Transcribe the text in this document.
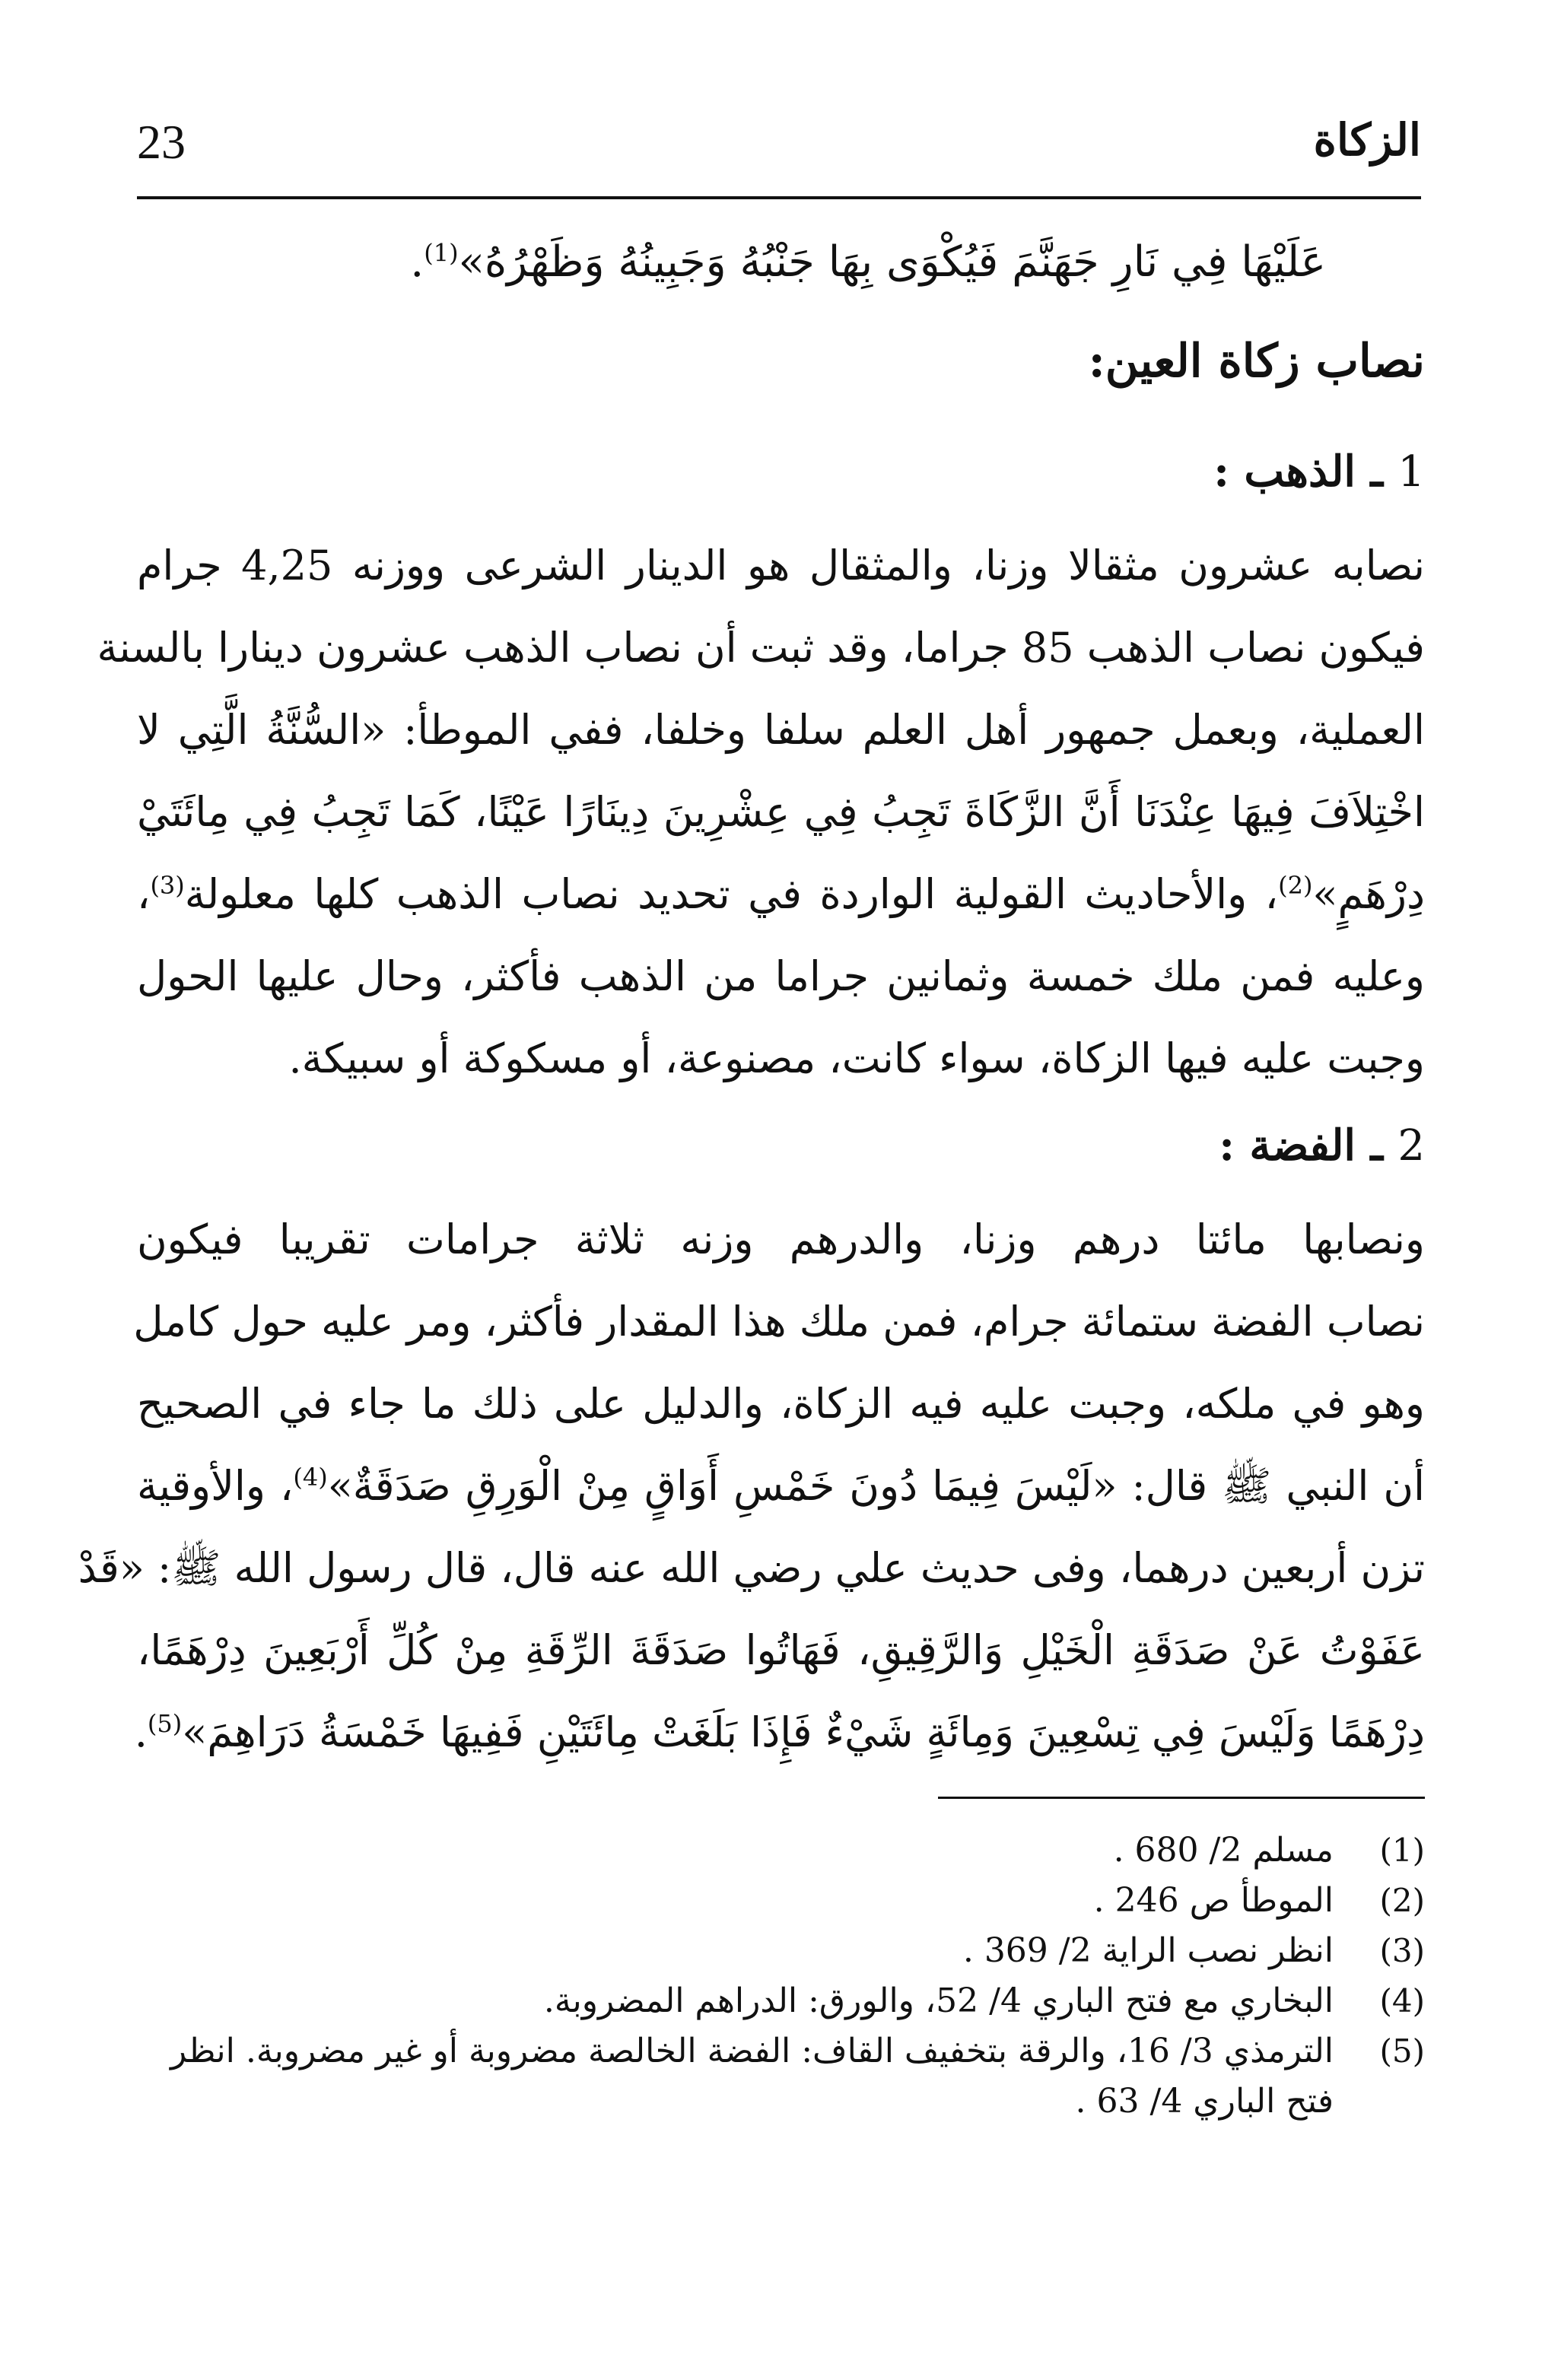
23	الزكاة
عَلَيْهَا فِي نَارِ جَهَنَّمَ فَيُكْوَى بِهَا جَنْبُهُ وَجَبِينُهُ وَظَهْرُهُ»$^{(1)}$.
نصاب زكاة العين:
1 ـ الذهب :
نصابه عشرون مثقالا وزنا، والمثقال هو الدينار الشرعى ووزنه 4,25 جرام
فيكون نصاب الذهب 85 جراما، وقد ثبت أن نصاب الذهب عشرون دينارا بالسنة
العملية، وبعمل جمهور أهل العلم سلفا وخلفا، ففي الموطأ: «السُّنَّةُ الَّتِي لا
اخْتِلاَفَ فِيهَا عِنْدَنَا أَنَّ الزَّكَاةَ تَجِبُ فِي عِشْرِينَ دِينَارًا عَيْنًا، كَمَا تَجِبُ فِي مِائَتَيْ
دِرْهَمٍ»$^{(2)}$، والأحاديث القولية الواردة في تحديد نصاب الذهب كلها معلولة$^{(3)}$،
وعليه فمن ملك خمسة وثمانين جراما من الذهب فأكثر، وحال عليها الحول
وجبت عليه فيها الزكاة، سواء كانت، مصنوعة، أو مسكوكة أو سبيكة.
2 ـ الفضة :
ونصابها مائتا درهم وزنا، والدرهم وزنه ثلاثة جرامات تقريبا فيكون
نصاب الفضة ستمائة جرام، فمن ملك هذا المقدار فأكثر، ومر عليه حول كامل
وهو في ملكه، وجبت عليه فيه الزكاة، والدليل على ذلك ما جاء في الصحيح
أن النبي ﷺ قال: «لَيْسَ فِيمَا دُونَ خَمْسِ أَوَاقٍ مِنْ الْوَرِقِ صَدَقَةٌ»$^{(4)}$، والأوقية
تزن أربعين درهما، وفى حديث علي رضي الله عنه قال، قال رسول الله ﷺ: «قَدْ
عَفَوْتُ عَنْ صَدَقَةِ الْخَيْلِ وَالرَّقِيقِ، فَهَاتُوا صَدَقَةَ الرِّقَةِ مِنْ كُلِّ أَرْبَعِينَ دِرْهَمًا،
دِرْهَمًا وَلَيْسَ فِي تِسْعِينَ وَمِائَةٍ شَيْءٌ فَإِذَا بَلَغَتْ مِائَتَيْنِ فَفِيهَا خَمْسَةُ دَرَاهِمَ»$^{(5)}$.
(1)
مسلم 2/ 680 .
(2)
الموطأ ص 246 .
(3)
انظر نصب الراية 2/ 369 .
(4)
البخاري مع فتح الباري 4/ 52، والورق: الدراهم المضروبة.
(5)
الترمذي 3/ 16، والرقة بتخفيف القاف: الفضة الخالصة مضروبة أو غير مضروبة. انظر فتح الباري 4/ 63 .
